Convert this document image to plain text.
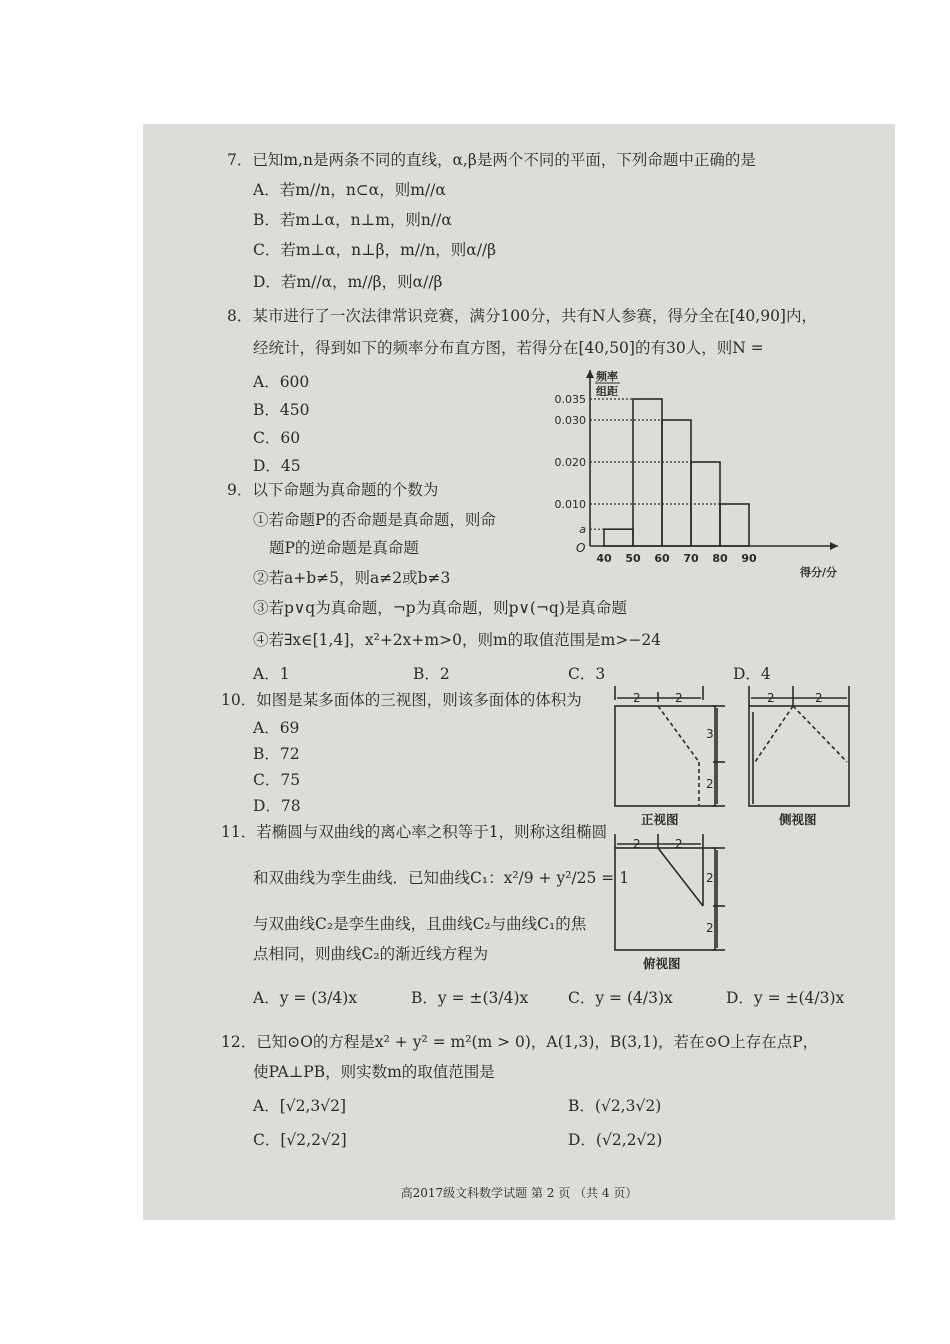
7．已知m,n是两条不同的直线，α,β是两个不同的平面，下列命题中正确的是
A．若m//n，n⊂α，则m//α
B．若m⊥α，n⊥m，则n//α
C．若m⊥α，n⊥β，m//n，则α//β
D．若m//α，m//β，则α//β
8．某市进行了一次法律常识竞赛，满分100分，共有N人参赛，得分全在[40,90]内，
经统计，得到如下的频率分布直方图，若得分在[40,50]的有30人，则N =
A．600
B．450
C．60
D．45
0.035
0.030
0.020
0.010
a
40 50 60 70 80 90
O
频率
组距
得分/分
9．以下命题为真命题的个数为
①若命题P的否命题是真命题，则命
题P的逆命题是真命题
②若a+b≠5，则a≠2或b≠3
③若p∨q为真命题，¬p为真命题，则p∨(¬q)是真命题
④若∃x∈[1,4]，x²+2x+m>0，则m的取值范围是m>−24
A．1	B．2	C．3	D．4
10．如图是某多面体的三视图，则该多面体的体积为
A．69
B．72
C．75
D．78
2	2
3
2
2	2
2	2
2
2
正视图	侧视图
俯视图
11．若椭圆与双曲线的离心率之积等于1，则称这组椭圆
和双曲线为孪生曲线．已知曲线C₁：x²/9 + y²/25 = 1
与双曲线C₂是孪生曲线，且曲线C₂与曲线C₁的焦
点相同，则曲线C₂的渐近线方程为
A．y = (3/4)x	B．y = ±(3/4)x	C．y = (4/3)x	D．y = ±(4/3)x
12．已知⊙O的方程是x² + y² = m²(m > 0)，A(1,3)，B(3,1)，若在⊙O上存在点P，
使PA⊥PB，则实数m的取值范围是
A．[√2,3√2]	B．(√2,3√2)
C．[√2,2√2]	D．(√2,2√2)
高2017级文科数学试题 第 2 页 （共 4 页）
